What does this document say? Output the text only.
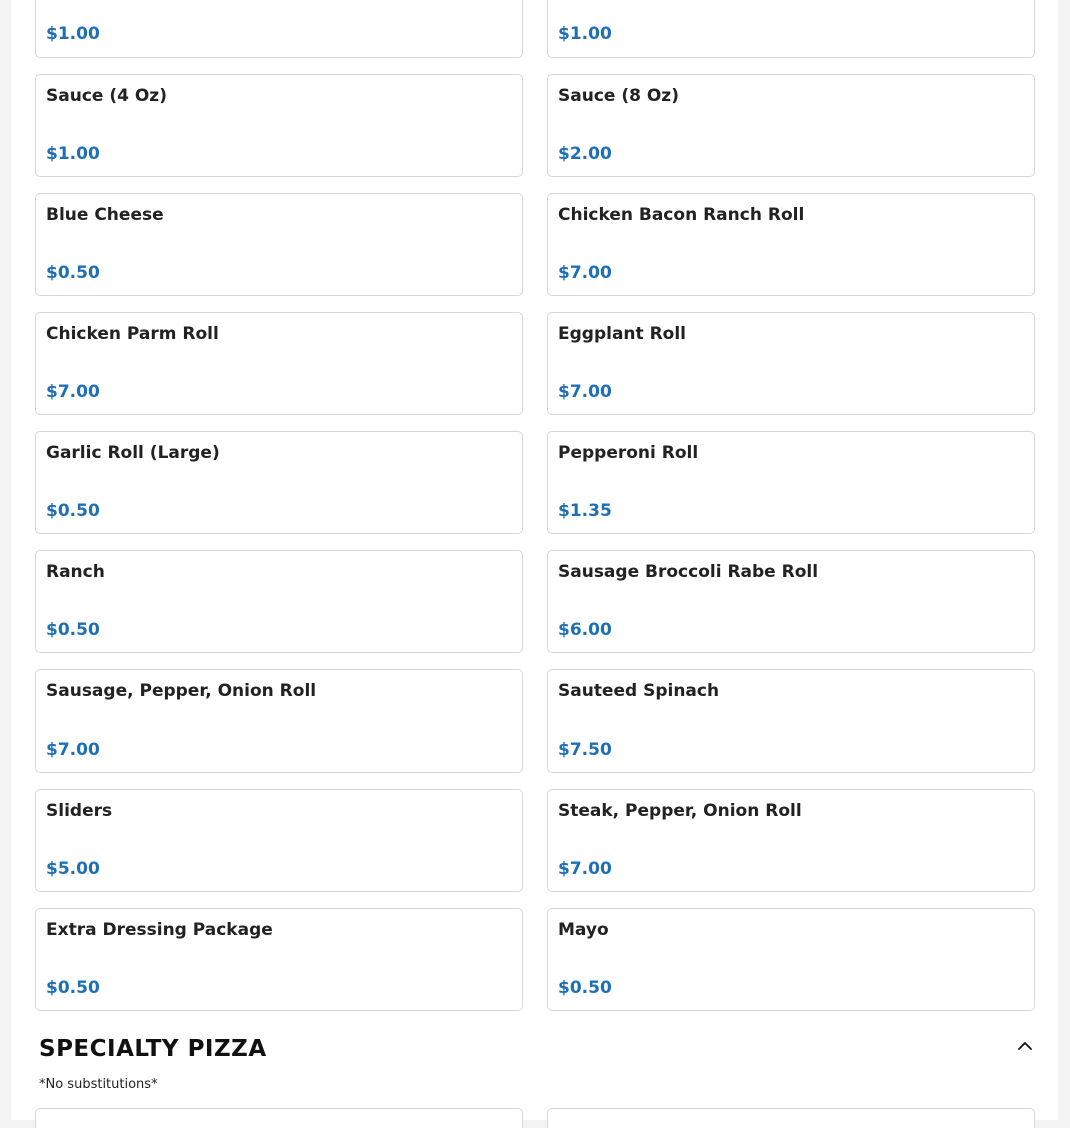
$1.00	$1.00
Sauce (4 Oz)
$1.00
Sauce (8 Oz)
$2.00
Blue Cheese
$0.50
Chicken Bacon Ranch Roll
$7.00
Chicken Parm Roll
$7.00
Eggplant Roll
$7.00
Garlic Roll (Large)
$0.50
Pepperoni Roll
$1.35
Ranch
$0.50
Sausage Broccoli Rabe Roll
$6.00
Sausage, Pepper, Onion Roll
$7.00
Sauteed Spinach
$7.50
Sliders
$5.00
Steak, Pepper, Onion Roll
$7.00
Extra Dressing Package
$0.50
Mayo
$0.50
SPECIALTY PIZZA
*No substitutions*
